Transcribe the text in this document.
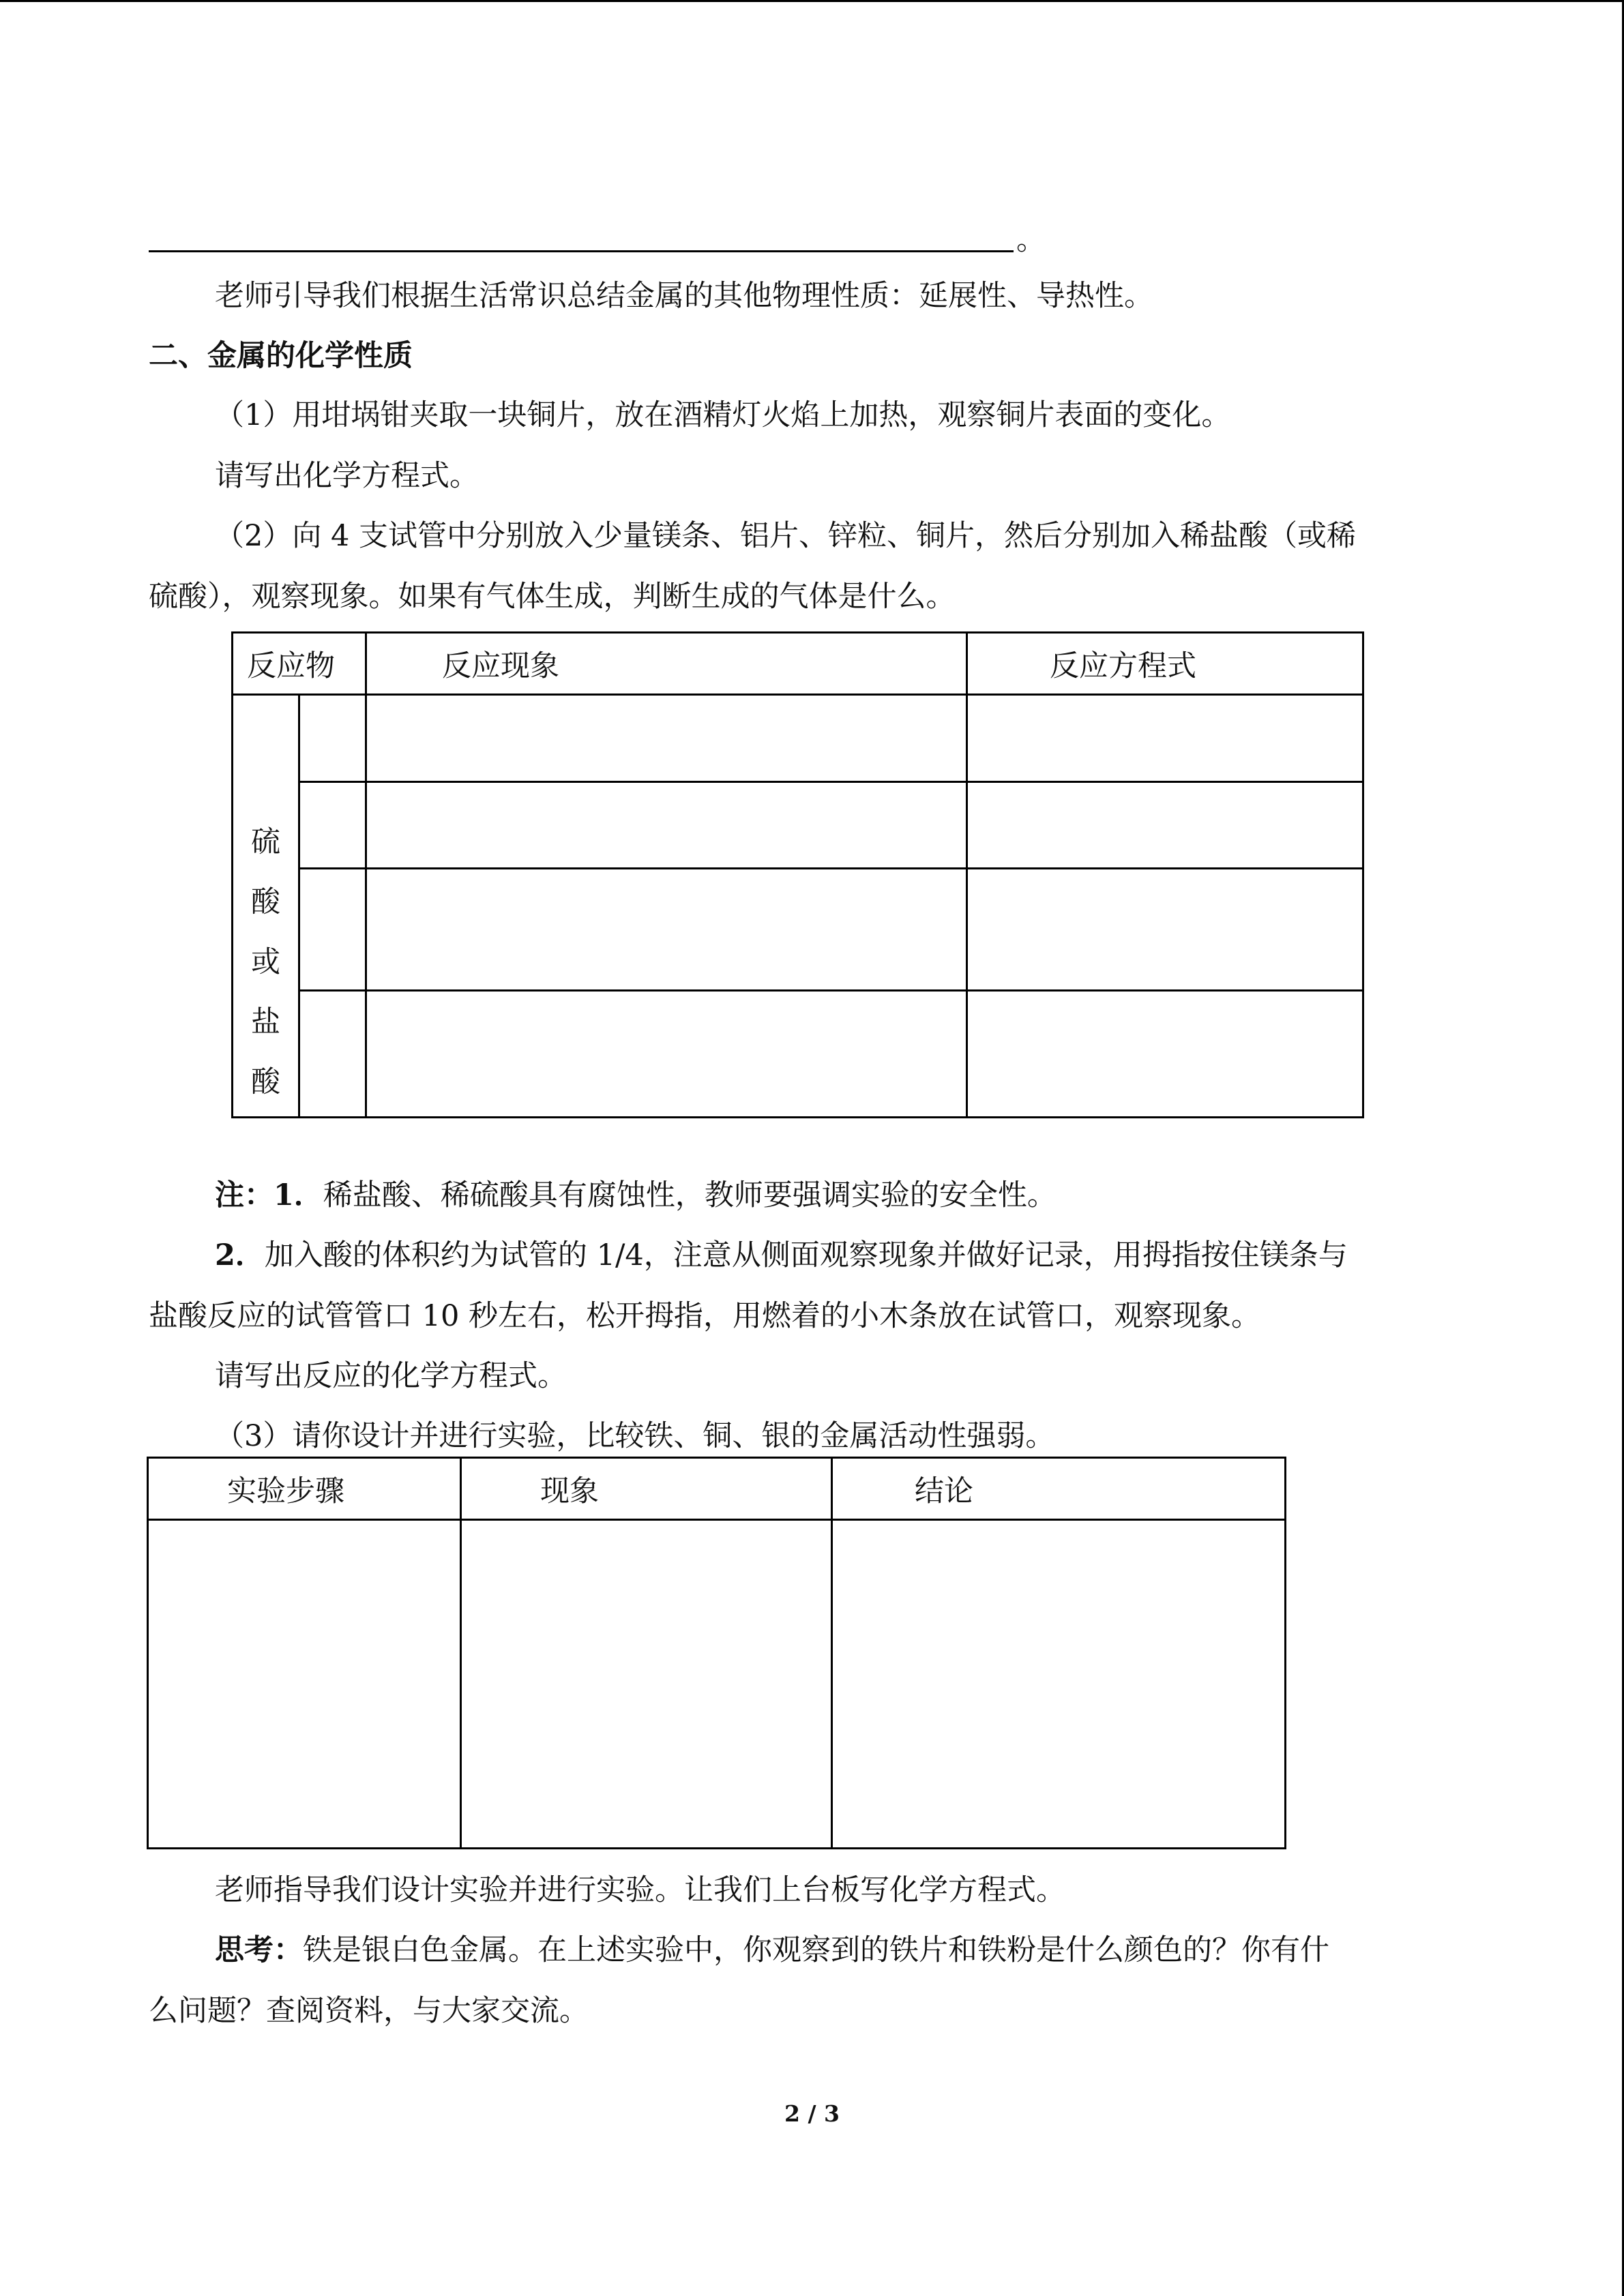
。
老师引导我们根据生活常识总结金属的其他物理性质：延展性、导热性。
二、金属的化学性质
（1）用坩埚钳夹取一块铜片，放在酒精灯火焰上加热，观察铜片表面的变化。
请写出化学方程式。
（2）向 4 支试管中分别放入少量镁条、铝片、锌粒、铜片，然后分别加入稀盐酸（或稀
硫酸），观察现象。如果有气体生成，判断生成的气体是什么。
反应物		反应现象	反应方程式

硫
酸
或
盐
酸			

注：1．稀盐酸、稀硫酸具有腐蚀性，教师要强调实验的安全性。
2．加入酸的体积约为试管的 1/4，注意从侧面观察现象并做好记录，用拇指按住镁条与
盐酸反应的试管管口 10 秒左右，松开拇指，用燃着的小木条放在试管口，观察现象。
请写出反应的化学方程式。
（3）请你设计并进行实验，比较铁、铜、银的金属活动性强弱。
实验步骤	现象	结论

老师指导我们设计实验并进行实验。让我们上台板写化学方程式。
思考：铁是银白色金属。在上述实验中，你观察到的铁片和铁粉是什么颜色的？你有什
么问题？查阅资料，与大家交流。
2 / 3
